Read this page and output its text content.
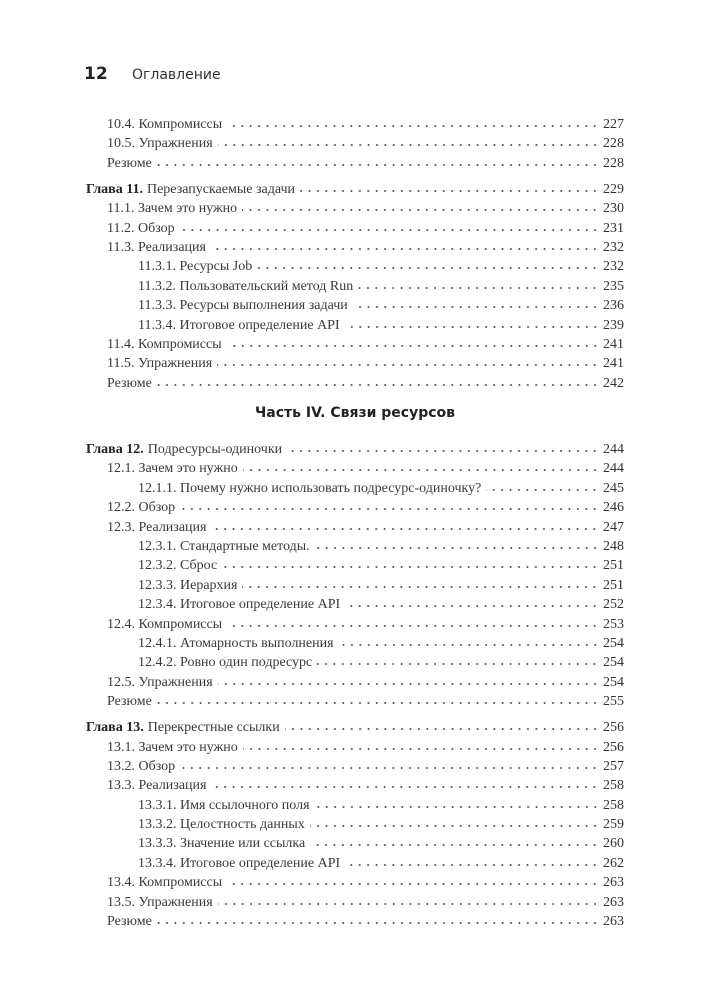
12	Оглавление
10.4. Компромиссы	227
10.5. Упражнения	228
Резюме	228
Глава 11. Перезапускаемые задачи	229
11.1. Зачем это нужно	230
11.2. Обзор	231
11.3. Реализация	232
11.3.1. Ресурсы Job	232
11.3.2. Пользовательский метод Run	235
11.3.3. Ресурсы выполнения задачи	236
11.3.4. Итоговое определение API	239
11.4. Компромиссы	241
11.5. Упражнения	241
Резюме	242
Часть IV. Связи ресурсов
Глава 12. Подресурсы-одиночки	244
12.1. Зачем это нужно	244
12.1.1. Почему нужно использовать подресурс-одиночку?	245
12.2. Обзор	246
12.3. Реализация	247
12.3.1. Стандартные методы.	248
12.3.2. Сброс	251
12.3.3. Иерархия	251
12.3.4. Итоговое определение API	252
12.4. Компромиссы	253
12.4.1. Атомарность выполнения	254
12.4.2. Ровно один подресурс	254
12.5. Упражнения	254
Резюме	255
Глава 13. Перекрестные ссылки	256
13.1. Зачем это нужно	256
13.2. Обзор	257
13.3. Реализация	258
13.3.1. Имя ссылочного поля	258
13.3.2. Целостность данных	259
13.3.3. Значение или ссылка	260
13.3.4. Итоговое определение API	262
13.4. Компромиссы	263
13.5. Упражнения	263
Резюме	263
